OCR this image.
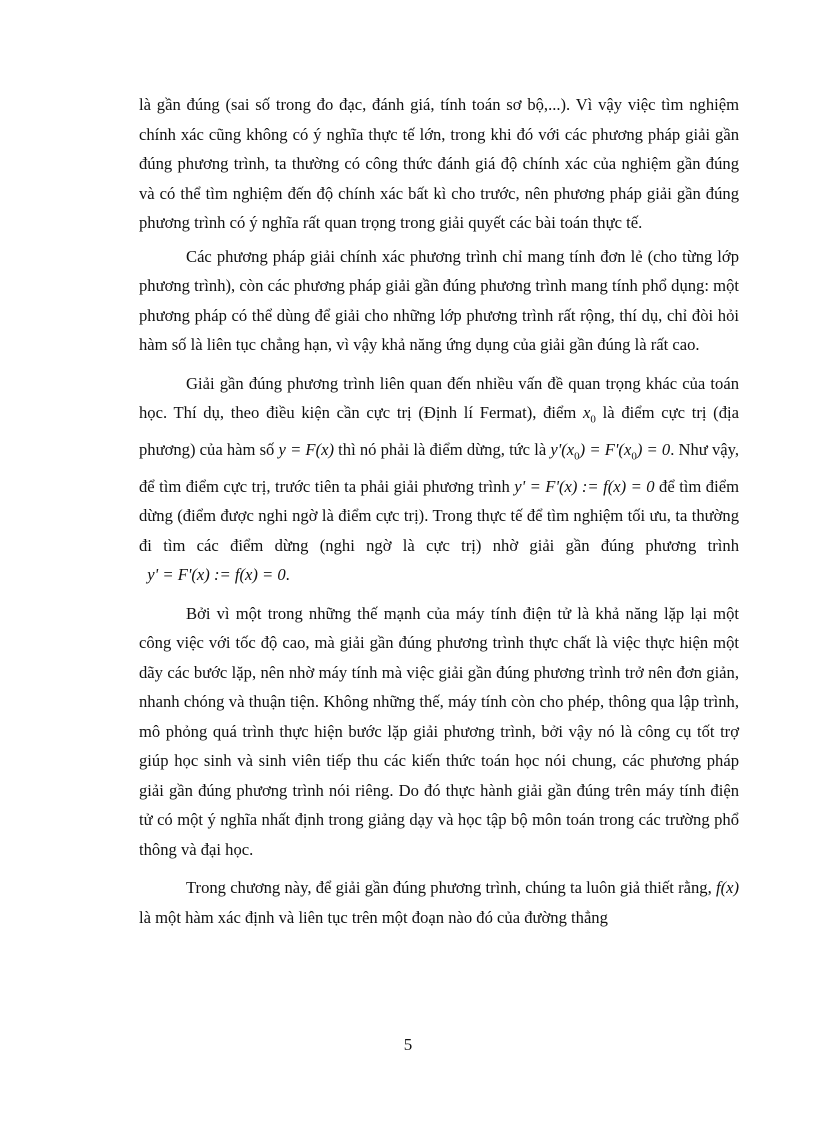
là gần đúng (sai số trong đo đạc, đánh giá, tính toán sơ bộ,...). Vì vậy việc tìm nghiệm chính xác cũng không có ý nghĩa thực tế lớn, trong khi đó với các phương pháp giải gần đúng phương trình, ta thường có công thức đánh giá độ chính xác của nghiệm gần đúng và có thể tìm nghiệm đến độ chính xác bất kì cho trước, nên phương pháp giải gần đúng phương trình có ý nghĩa rất quan trọng trong giải quyết các bài toán thực tế.

Các phương pháp giải chính xác phương trình chỉ mang tính đơn lẻ (cho từng lớp phương trình), còn các phương pháp giải gần đúng phương trình mang tính phổ dụng: một phương pháp có thể dùng để giải cho những lớp phương trình rất rộng, thí dụ, chỉ đòi hỏi hàm số là liên tục chẳng hạn, vì vậy khả năng ứng dụng của giải gần đúng là rất cao.

Giải gần đúng phương trình liên quan đến nhiều vấn đề quan trọng khác của toán học. Thí dụ, theo điều kiện cần cực trị (Định lí Fermat), điểm $x_0$ là điểm cực trị (địa phương) của hàm số y = F(x) thì nó phải là điểm dừng, tức là $y'(x_0) = F'(x_0) = 0$. Như vậy, để tìm điểm cực trị, trước tiên ta phải giải phương trình y' = F'(x) := f(x) = 0 để tìm điểm dừng (điểm được nghi ngờ là điểm cực trị). Trong thực tế để tìm nghiệm tối ưu, ta thường đi tìm các điểm dừng (nghi ngờ là cực trị) nhờ giải gần đúng phương trình   y' = F'(x) := f(x) = 0.

Bởi vì một trong những thế mạnh của máy tính điện tử là khả năng lặp lại một công việc với tốc độ cao, mà giải gần đúng phương trình thực chất là việc thực hiện một dãy các bước lặp, nên nhờ máy tính mà việc giải gần đúng phương trình trở nên đơn giản, nhanh chóng và thuận tiện. Không những thế, máy tính còn cho phép, thông qua lập trình, mô phỏng quá trình thực hiện bước lặp giải phương trình, bởi vậy nó là công cụ tốt trợ giúp học sinh và sinh viên tiếp thu các kiến thức toán học nói chung, các phương pháp giải gần đúng phương trình nói riêng. Do đó thực hành giải gần đúng trên máy tính điện tử có một ý nghĩa nhất định trong giảng dạy và học tập bộ môn toán trong các trường phổ thông và đại học.

Trong chương này, để giải gần đúng phương trình, chúng ta luôn giả thiết rằng, f(x) là một hàm xác định và liên tục trên một đoạn nào đó của đường thẳng

5
